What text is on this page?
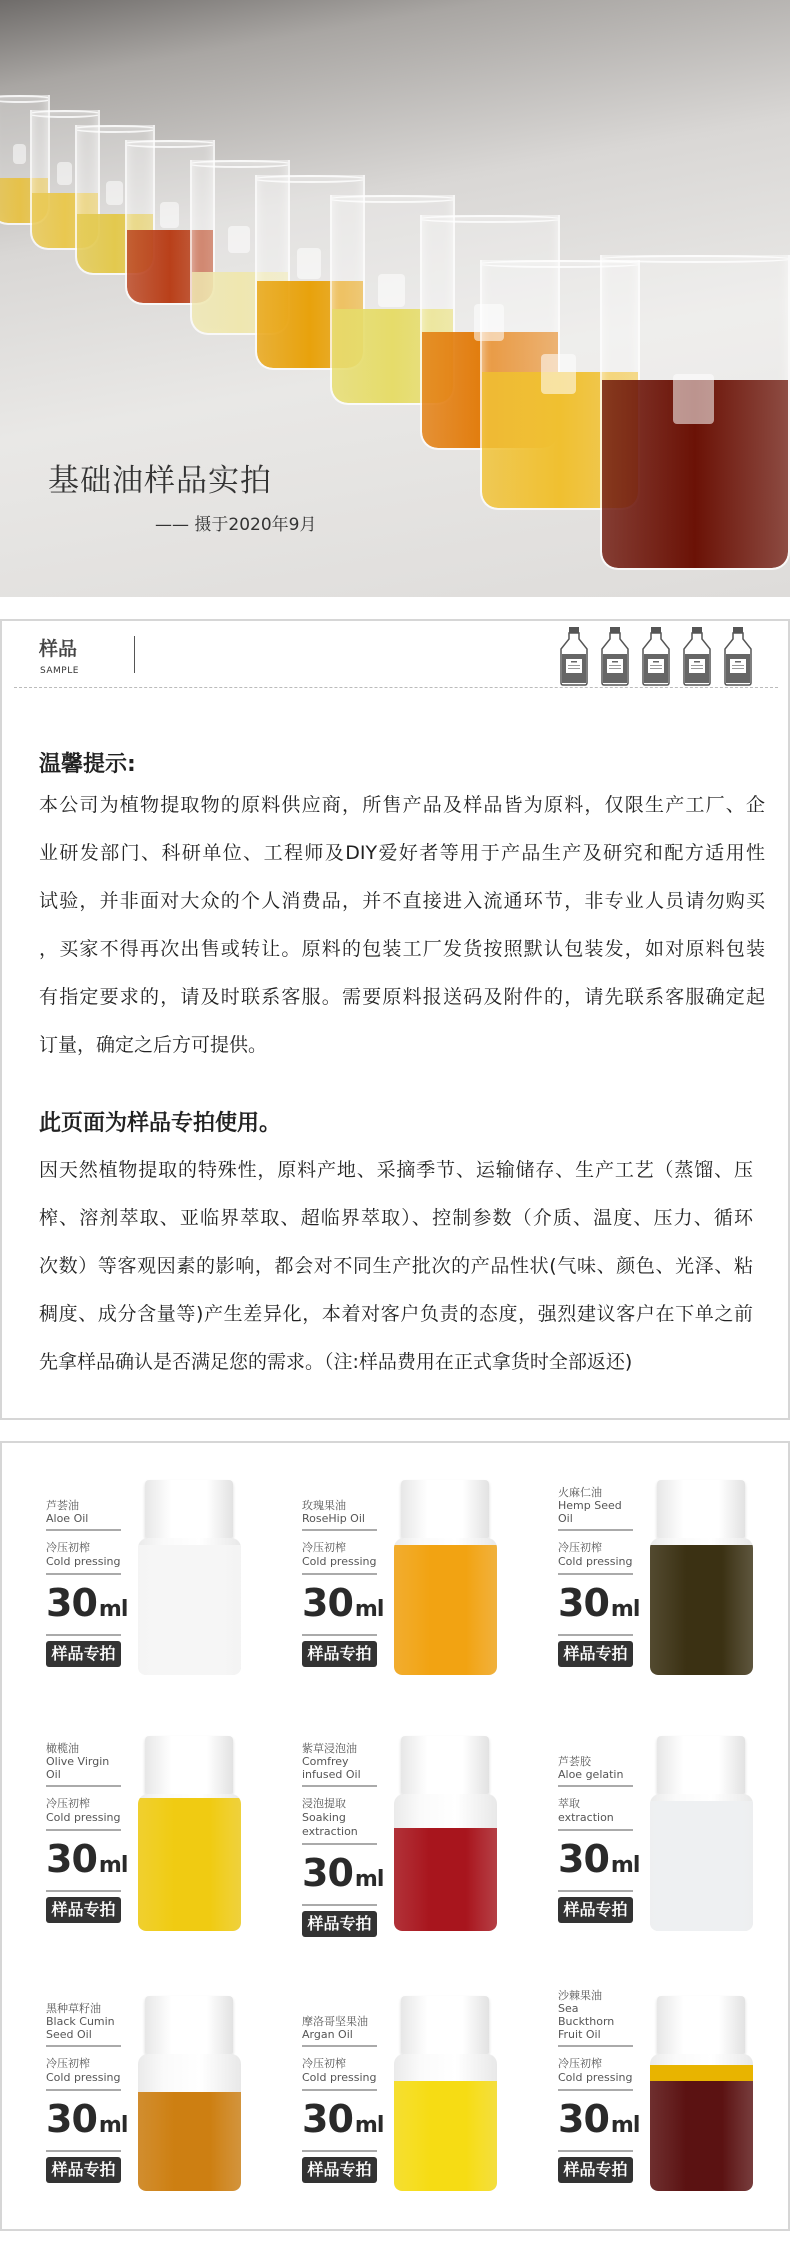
基础油样品实拍
—— 摄于2020年9月
样品
SAMPLE
温馨提示:
本公司为植物提取物的原料供应商，所售产品及样品皆为原料，仅限生产工厂、企
业研发部门、科研单位、工程师及DIY爱好者等用于产品生产及研究和配方适用性
试验，并非面对大众的个人消费品，并不直接进入流通环节，非专业人员请勿购买
，买家不得再次出售或转让。原料的包装工厂发货按照默认包装发，如对原料包装
有指定要求的，请及时联系客服。需要原料报送码及附件的，请先联系客服确定起
订量，确定之后方可提供。
此页面为样品专拍使用。
因天然植物提取的特殊性，原料产地、采摘季节、运输储存、生产工艺（蒸馏、压
榨、溶剂萃取、亚临界萃取、超临界萃取）、控制参数（介质、温度、压力、循环
次数）等客观因素的影响，都会对不同生产批次的产品性状(气味、颜色、光泽、粘
稠度、成分含量等)产生差异化，本着对客户负责的态度，强烈建议客户在下单之前
先拿样品确认是否满足您的需求。（注:样品费用在正式拿货时全部返还)
芦荟油
Aloe Oil
冷压初榨
Cold pressing
30ml
样品专拍
玫瑰果油
RoseHip Oil
冷压初榨
Cold pressing
30ml
样品专拍
火麻仁油
Hemp Seed Oil
冷压初榨
Cold pressing
30ml
样品专拍
橄榄油
Olive Virgin Oil
冷压初榨
Cold pressing
30ml
样品专拍
紫草浸泡油
Comfrey infused Oil
浸泡提取
Soaking extraction
30ml
样品专拍
芦荟胶
Aloe gelatin
萃取
extraction
30ml
样品专拍
黑种草籽油
Black Cumin Seed Oil
冷压初榨
Cold pressing
30ml
样品专拍
摩洛哥坚果油
Argan Oil
冷压初榨
Cold pressing
30ml
样品专拍
沙棘果油
Sea Buckthorn Fruit Oil
冷压初榨
Cold pressing
30ml
样品专拍
